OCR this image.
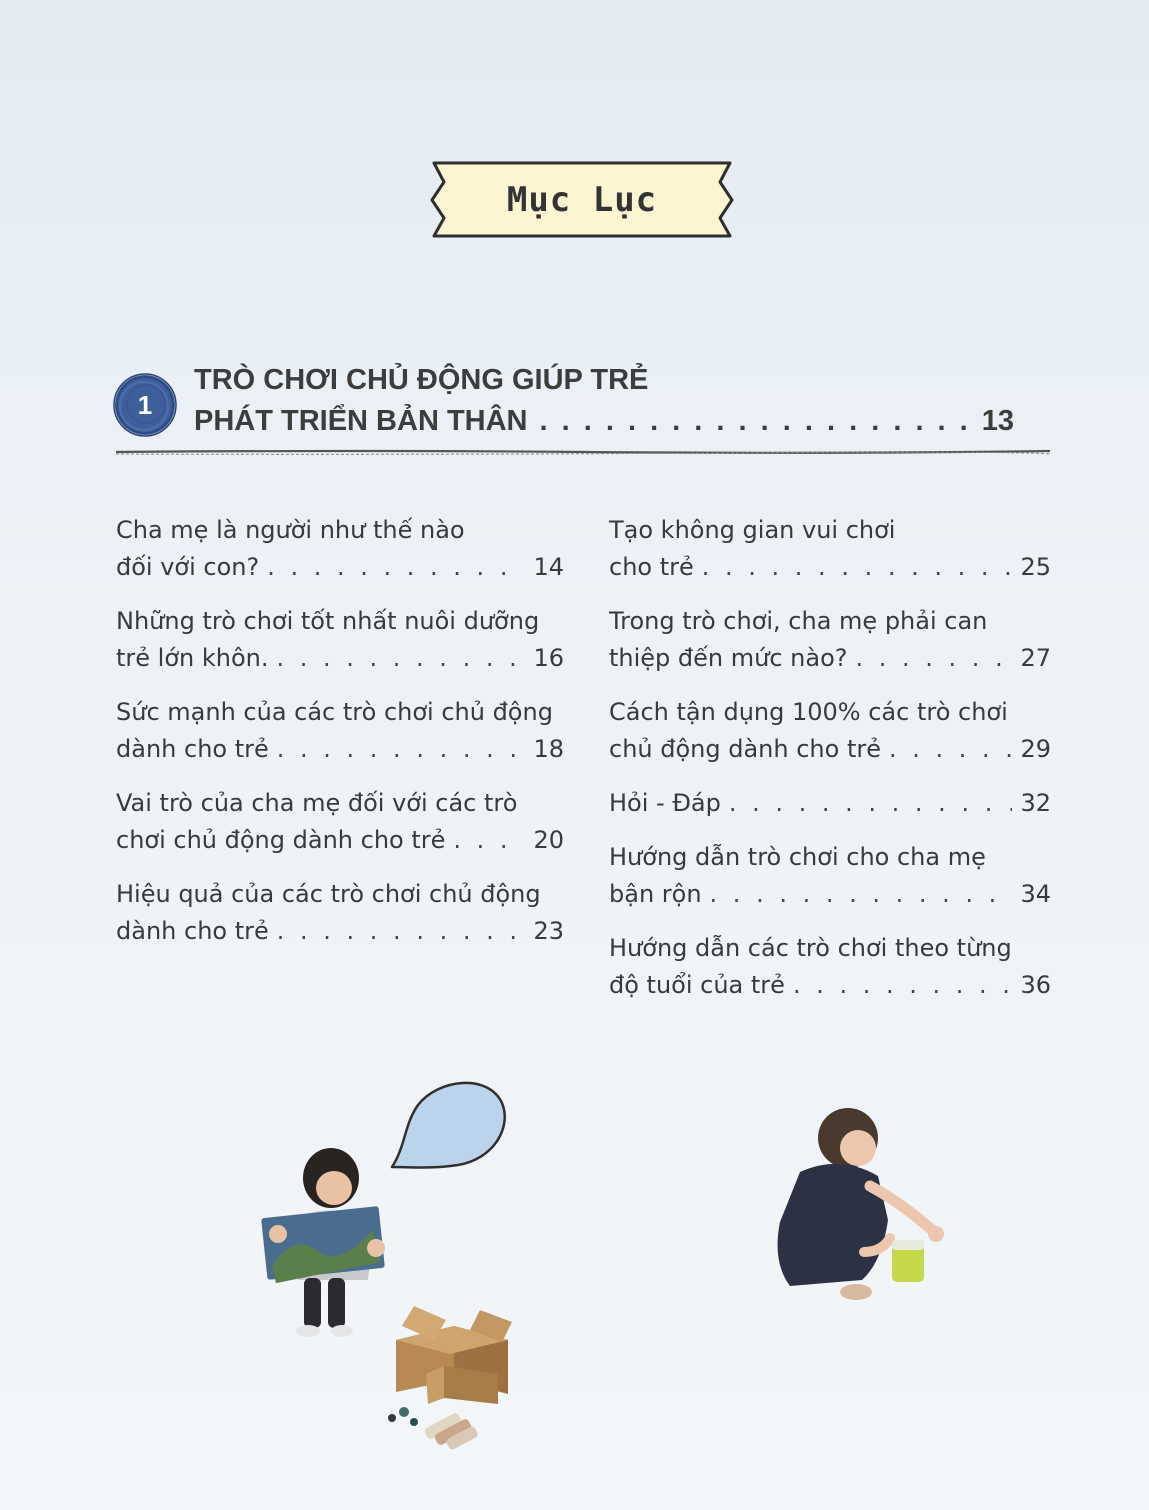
Mục Lục
1
TRÒ CHƠI CHỦ ĐỘNG GIÚP TRẺ
PHÁT TRIỂN BẢN THÂN . . .	13
Cha mẹ là người như thế nào
đối với con? . . .	14
Những trò chơi tốt nhất nuôi dưỡng
trẻ lớn khôn. . . .	16
Sức mạnh của các trò chơi chủ động
dành cho trẻ . . .	18
Vai trò của cha mẹ đối với các trò
chơi chủ động dành cho trẻ . . .	20
Hiệu quả của các trò chơi chủ động
dành cho trẻ . . .	23
Tạo không gian vui chơi
cho trẻ . . .	25
Trong trò chơi, cha mẹ phải can
thiệp đến mức nào? . . .	27
Cách tận dụng 100% các trò chơi
chủ động dành cho trẻ . . .	29
Hỏi - Đáp . . .	32
Hướng dẫn trò chơi cho cha mẹ
bận rộn . . .	34
Hướng dẫn các trò chơi theo từng
độ tuổi của trẻ . . .	36
